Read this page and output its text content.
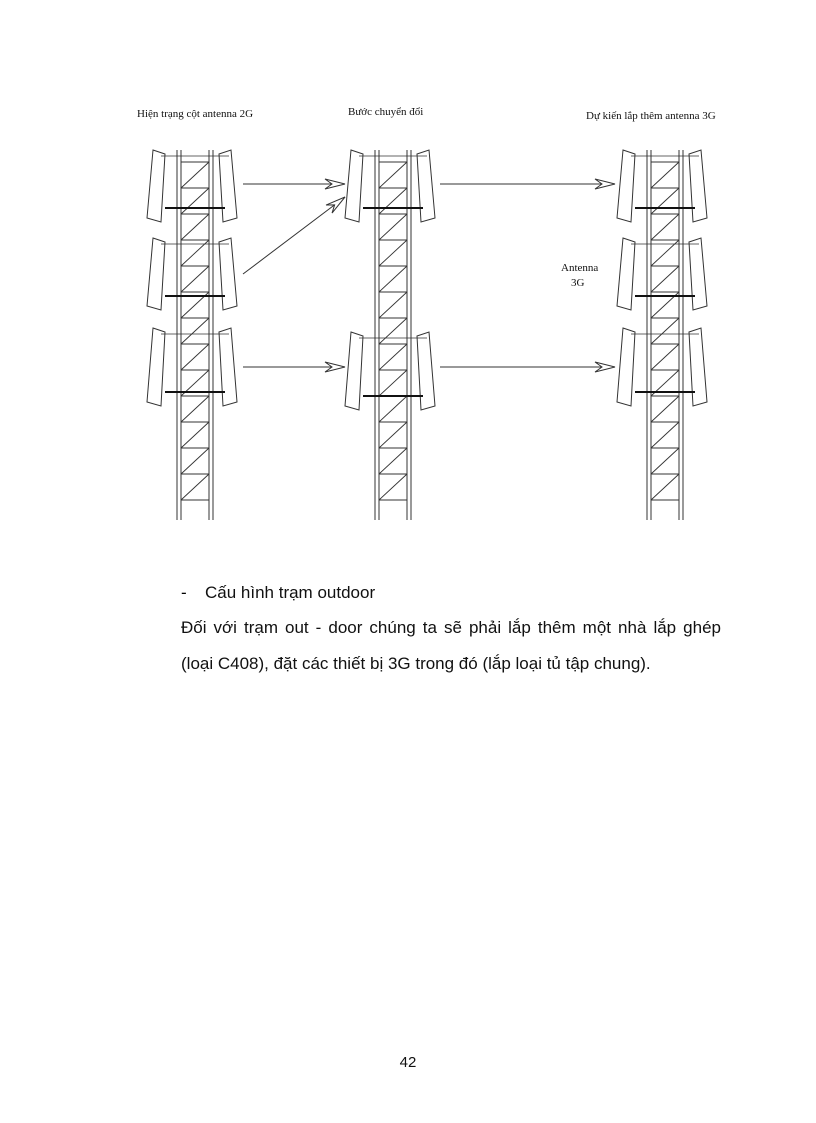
Hiện trạng cột antenna 2G	Bước chuyển đổi	Dự kiến lắp thêm antenna 3G
Antenna
3G
- Cấu hình trạm outdoor
Đối với trạm out - door chúng ta sẽ phải lắp thêm một nhà lắp ghép
(loại C408), đặt các thiết bị 3G trong đó (lắp loại tủ tập chung).
42
